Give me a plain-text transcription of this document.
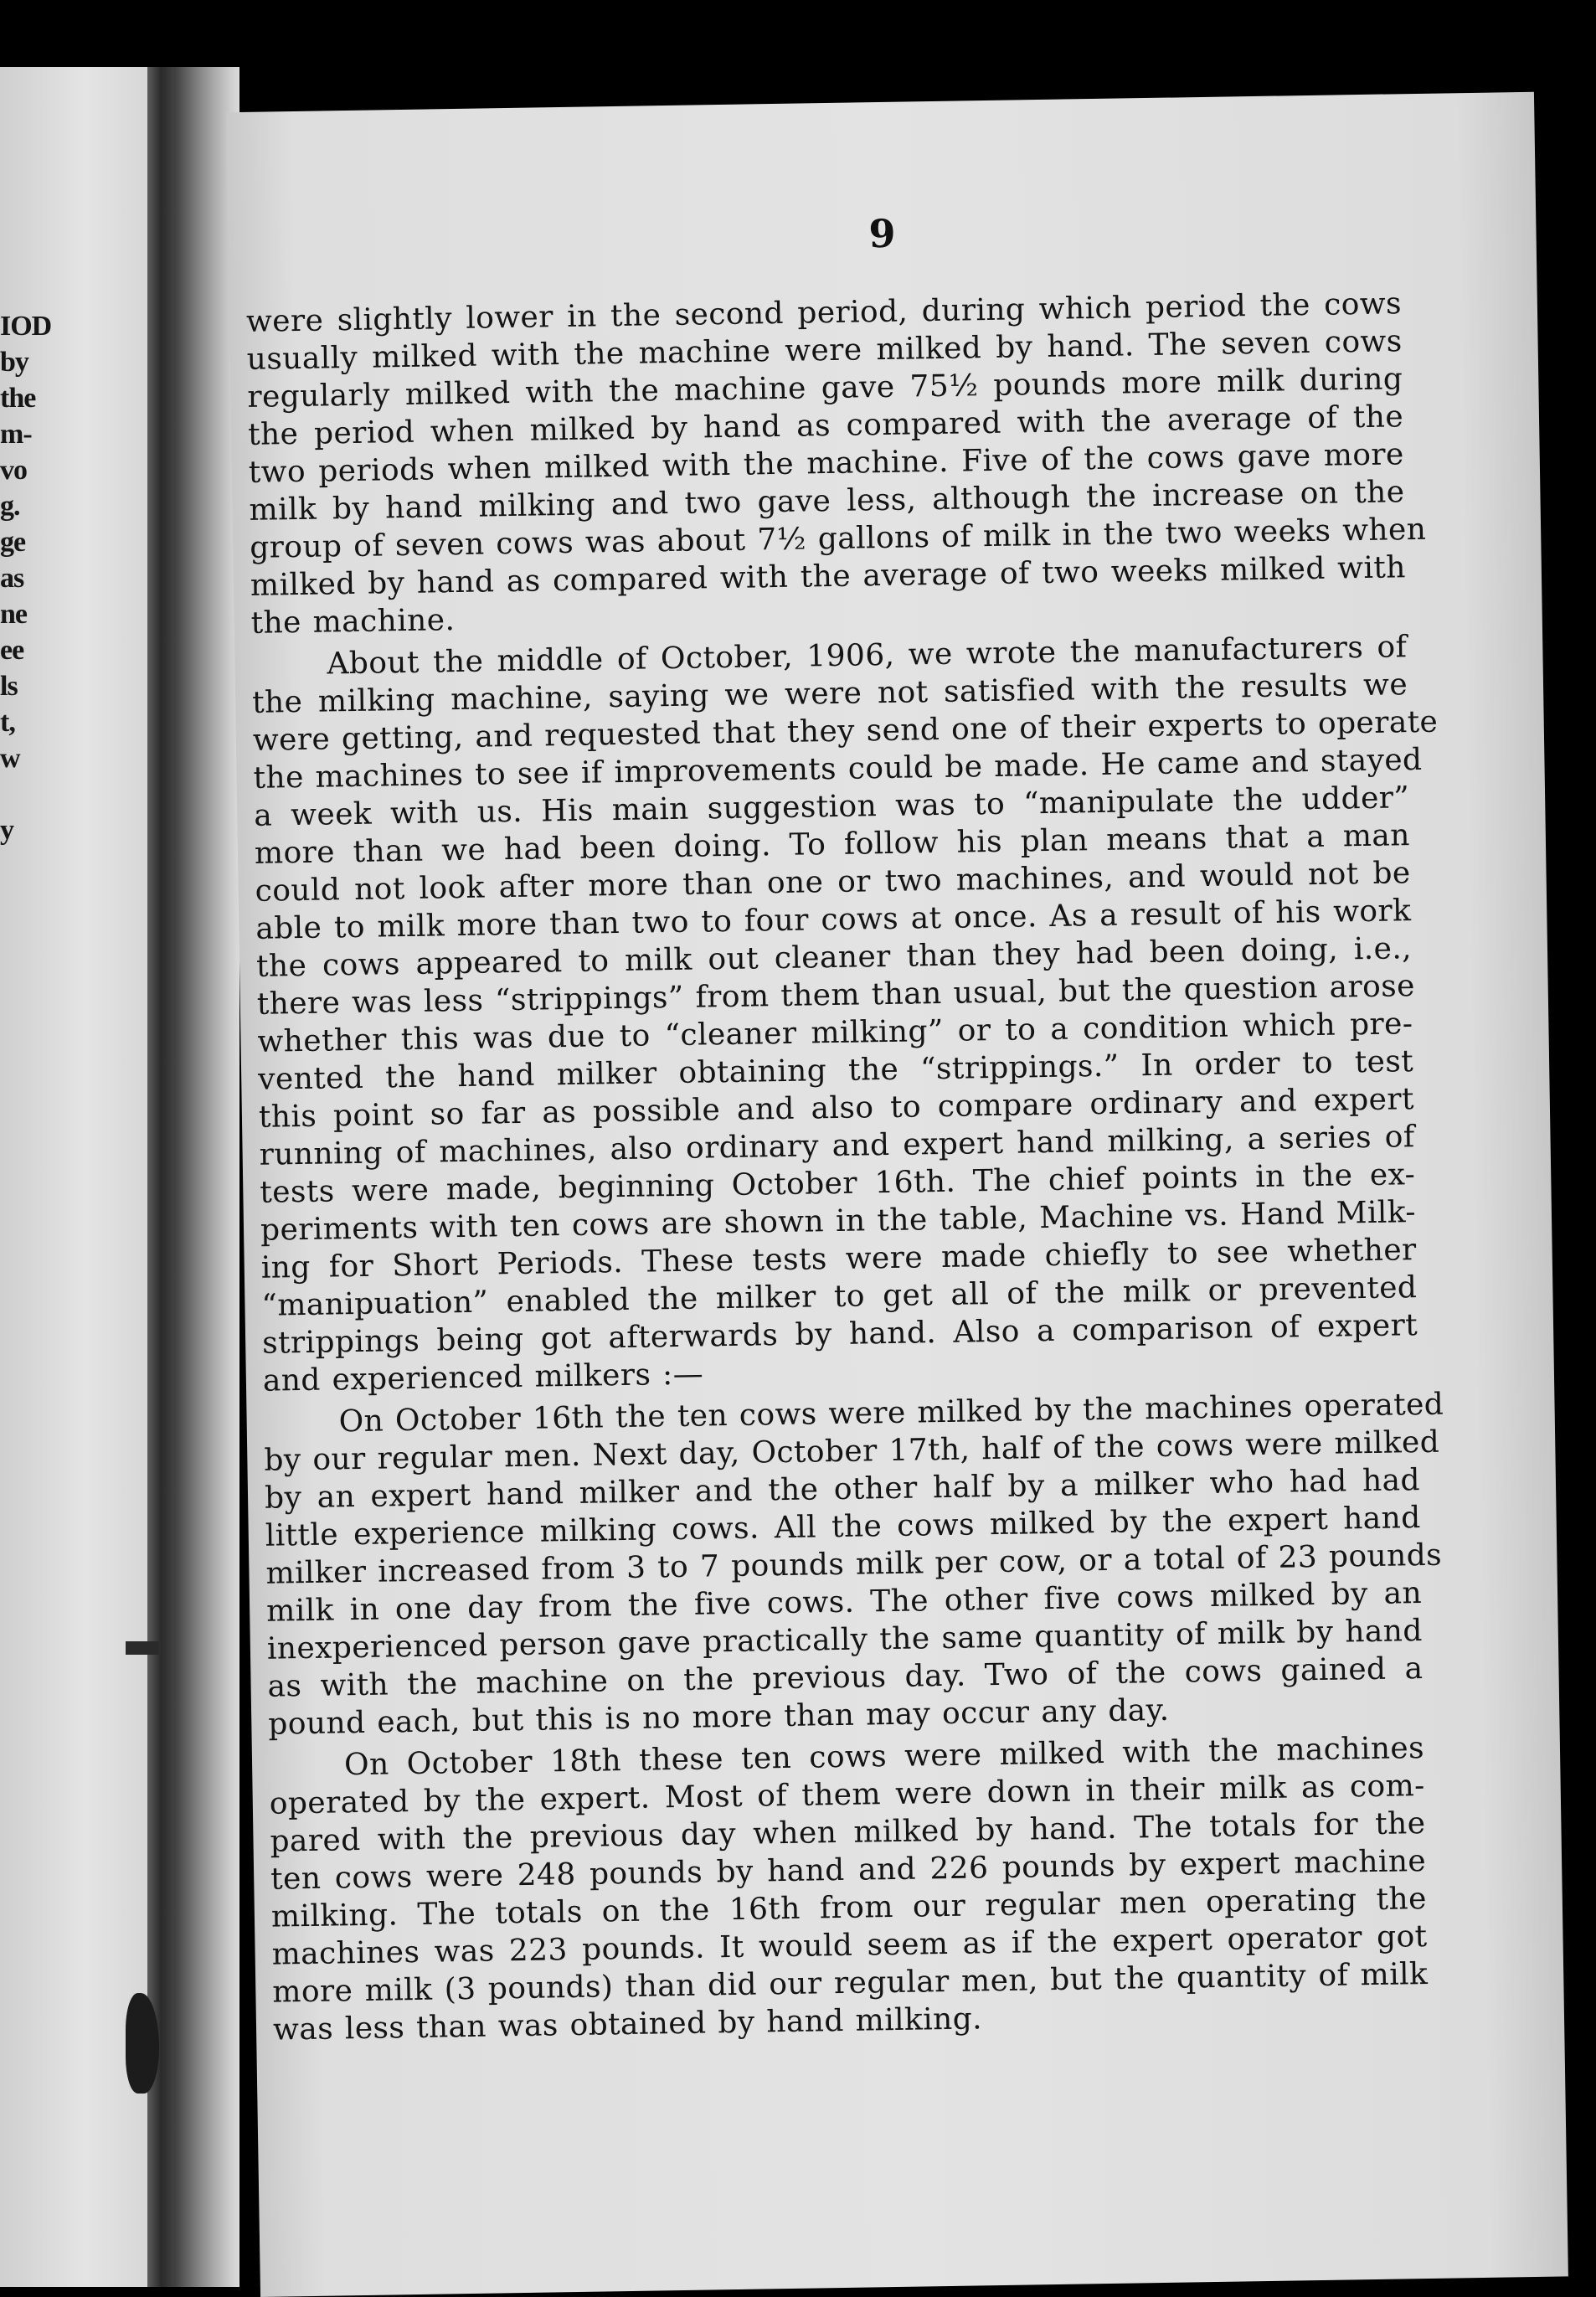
IOD
by
the
m-
vo
g.
ge
as
ne
ee
ls
t,
w
y
9
were slightly lower in the second period, during which period the cows
usually milked with the machine were milked by hand. The seven cows
regularly milked with the machine gave 75½ pounds more milk during
the period when milked by hand as compared with the average of the
two periods when milked with the machine. Five of the cows gave more
milk by hand milking and two gave less, although the increase on the
group of seven cows was about 7½ gallons of milk in the two weeks when
milked by hand as compared with the average of two weeks milked with
the machine.
About the middle of October, 1906, we wrote the manufacturers of
the milking machine, saying we were not satisfied with the results we
were getting, and requested that they send one of their experts to operate
the machines to see if improvements could be made. He came and stayed
a week with us. His main suggestion was to “manipulate the udder”
more than we had been doing. To follow his plan means that a man
could not look after more than one or two machines, and would not be
able to milk more than two to four cows at once. As a result of his work
the cows appeared to milk out cleaner than they had been doing, i.e.,
there was less “strippings” from them than usual, but the question arose
whether this was due to “cleaner milking” or to a condition which pre-
vented the hand milker obtaining the “strippings.” In order to test
this point so far as possible and also to compare ordinary and expert
running of machines, also ordinary and expert hand milking, a series of
tests were made, beginning October 16th. The chief points in the ex-
periments with ten cows are shown in the table, Machine vs. Hand Milk-
ing for Short Periods. These tests were made chiefly to see whether
“manipuation” enabled the milker to get all of the milk or prevented
strippings being got afterwards by hand. Also a comparison of expert
and experienced milkers :—
On October 16th the ten cows were milked by the machines operated
by our regular men. Next day, October 17th, half of the cows were milked
by an expert hand milker and the other half by a milker who had had
little experience milking cows. All the cows milked by the expert hand
milker increased from 3 to 7 pounds milk per cow, or a total of 23 pounds
milk in one day from the five cows. The other five cows milked by an
inexperienced person gave practically the same quantity of milk by hand
as with the machine on the previous day. Two of the cows gained a
pound each, but this is no more than may occur any day.
On October 18th these ten cows were milked with the machines
operated by the expert. Most of them were down in their milk as com-
pared with the previous day when milked by hand. The totals for the
ten cows were 248 pounds by hand and 226 pounds by expert machine
milking. The totals on the 16th from our regular men operating the
machines was 223 pounds. It would seem as if the expert operator got
more milk (3 pounds) than did our regular men, but the quantity of milk
was less than was obtained by hand milking.
